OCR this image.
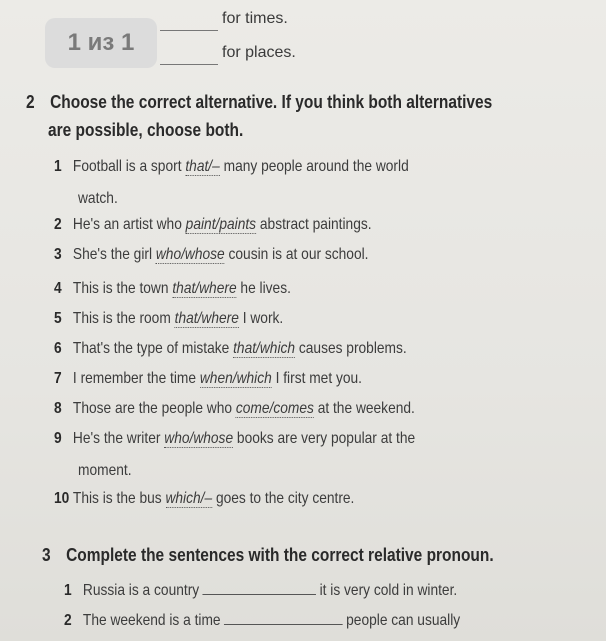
for times.
for places.
1 из 1
2 Choose the correct alternative. If you think both alternatives
are possible, choose both.
1 Football is a sport that/– many people around the world
watch.
2 He's an artist who paint/paints abstract paintings.
3 She's the girl who/whose cousin is at our school.
4 This is the town that/where he lives.
5 This is the room that/where I work.
6 That's the type of mistake that/which causes problems.
7 I remember the time when/which I first met you.
8 Those are the people who come/comes at the weekend.
9 He's the writer who/whose books are very popular at the
moment.
10 This is the bus which/– goes to the city centre.
3 Complete the sentences with the correct relative pronoun.
1 Russia is a country	it is very cold in winter.
2 The weekend is a time	people can usually
